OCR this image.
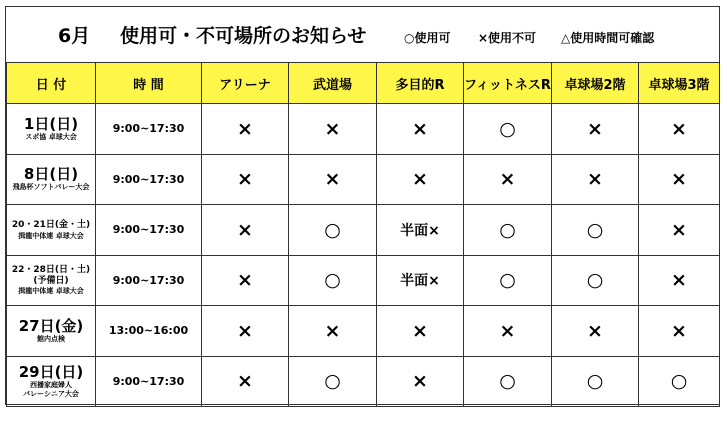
6月 使用可・不可場所のお知らせ	○使用可 ×使用不可 △使用時間可確認
日 付	時 間	アリーナ	武道場	多目的R	フィットネスR	卓球場2階	卓球場3階

1日(日)
スポ協 卓球大会	9:00~17:30	×	×	×	○	×	×

8日(日)
飛島杯ソフトバレー大会	9:00~17:30	×	×	×	×	×	×

20・21日(金・土)
揖龍中体連 卓球大会	9:00~17:30	×	○	半面×	○	○	×

22・28日(日・土)
(予備日)
揖龍中体連 卓球大会	9:00~17:30	×	○	半面×	○	○	×

27日(金)
館内点検	13:00~16:00	×	×	×	×	×	×

29日(日)
西播家庭婦人
バレーシニア大会	9:00~17:30	×	○	×	○	○	○
